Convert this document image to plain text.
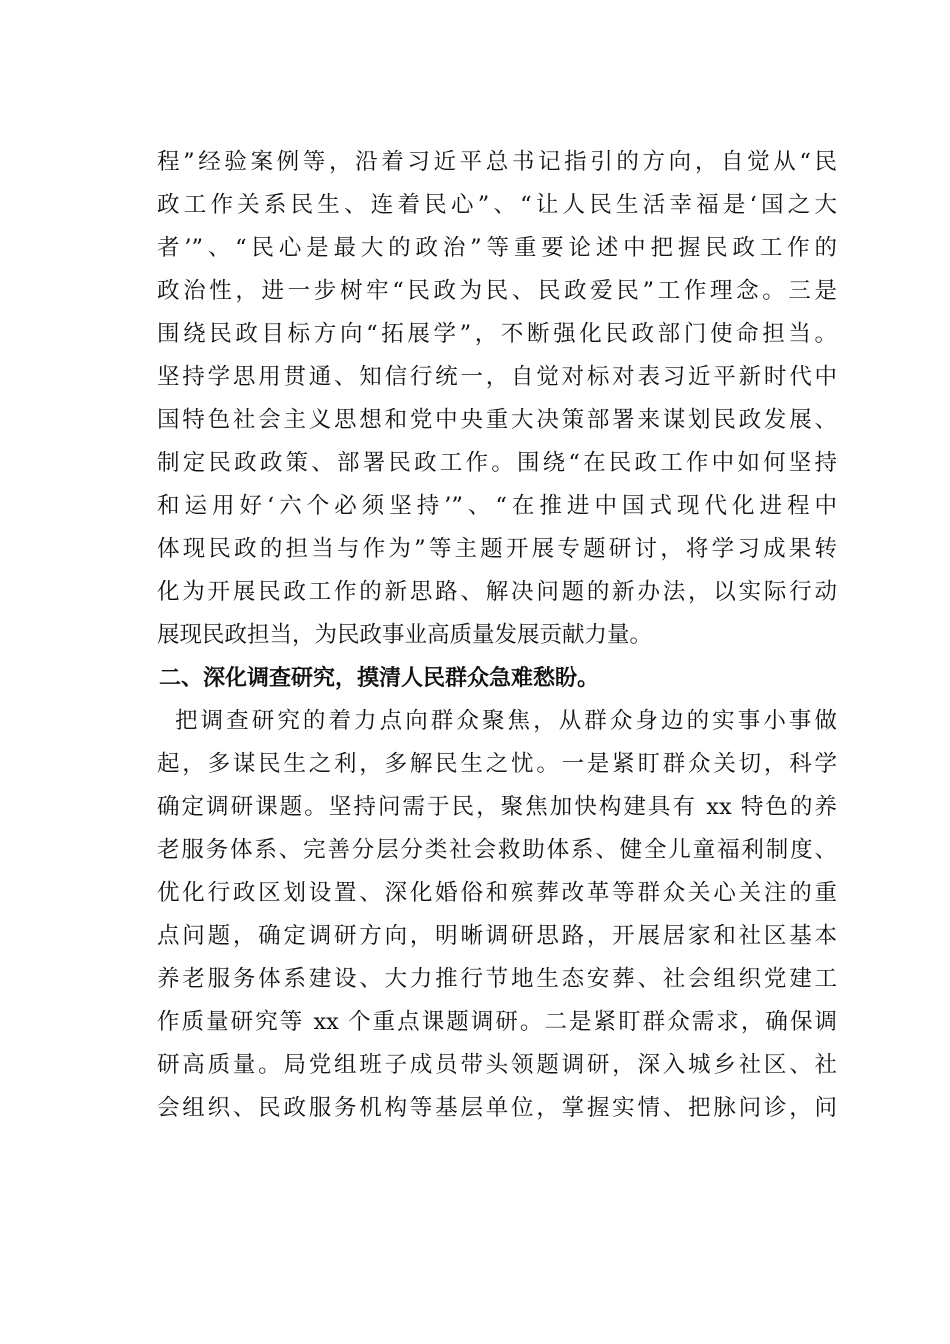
程”经验案例等，沿着习近平总书记指引的方向，自觉从“民
政工作关系民生、连着民心”、“让人民生活幸福是‘国之大
者’”、“民心是最大的政治”等重要论述中把握民政工作的
政治性，进一步树牢“民政为民、民政爱民”工作理念。三是
围绕民政目标方向“拓展学”，不断强化民政部门使命担当。
坚持学思用贯通、知信行统一，自觉对标对表习近平新时代中
国特色社会主义思想和党中央重大决策部署来谋划民政发展、
制定民政政策、部署民政工作。围绕“在民政工作中如何坚持
和运用好‘六个必须坚持’”、“在推进中国式现代化进程中
体现民政的担当与作为”等主题开展专题研讨，将学习成果转
化为开展民政工作的新思路、解决问题的新办法，以实际行动
展现民政担当，为民政事业高质量发展贡献力量。
二、深化调查研究，摸清人民群众急难愁盼。
把调查研究的着力点向群众聚焦，从群众身边的实事小事做
起，多谋民生之利，多解民生之忧。一是紧盯群众关切，科学
确定调研课题。坚持问需于民，聚焦加快构建具有 xx 特色的养
老服务体系、完善分层分类社会救助体系、健全儿童福利制度、
优化行政区划设置、深化婚俗和殡葬改革等群众关心关注的重
点问题，确定调研方向，明晰调研思路，开展居家和社区基本
养老服务体系建设、大力推行节地生态安葬、社会组织党建工
作质量研究等 xx 个重点课题调研。二是紧盯群众需求，确保调
研高质量。局党组班子成员带头领题调研，深入城乡社区、社
会组织、民政服务机构等基层单位，掌握实情、把脉问诊，问
